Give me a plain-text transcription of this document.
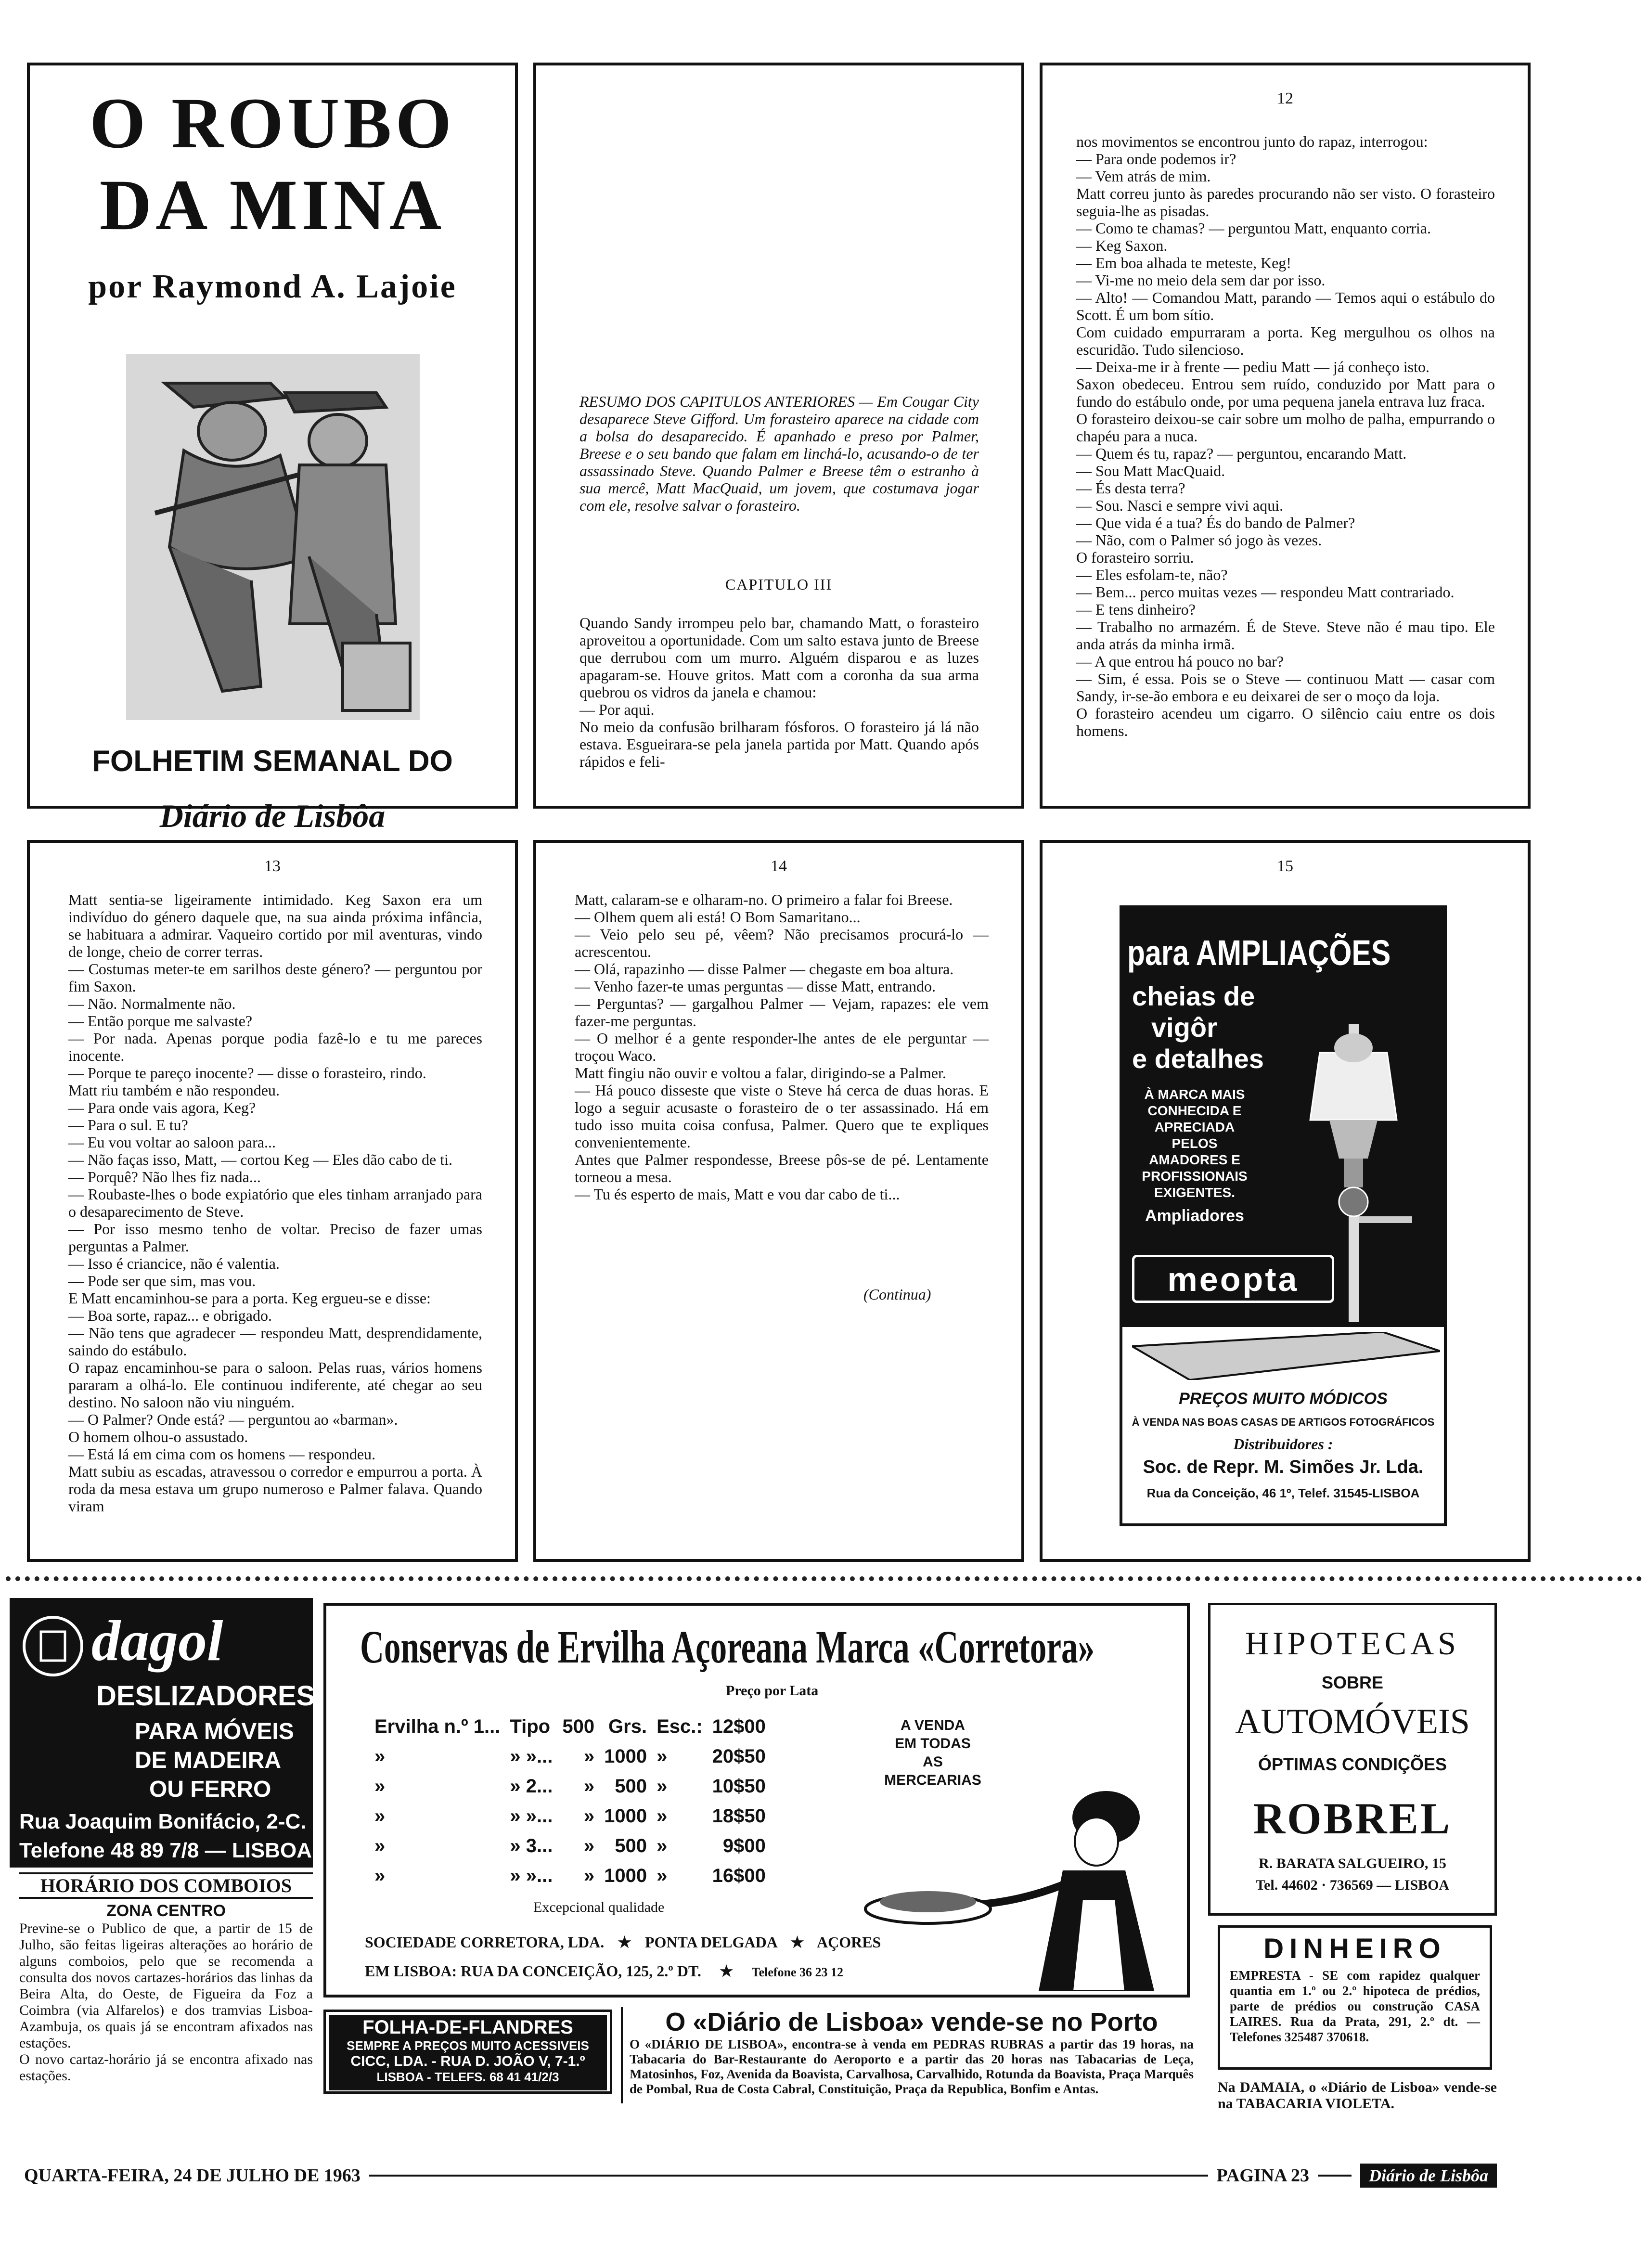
O ROUBO
DA MINA
por Raymond A. Lajoie
FOLHETIM SEMANAL DO
Diário de Lisbôa
RESUMO DOS CAPITULOS ANTERIORES — Em Cougar City desaparece Steve Gifford. Um forasteiro aparece na cidade com a bolsa do desaparecido. É apanhado e preso por Palmer, Breese e o seu bando que falam em linchá-lo, acusando-o de ter assassinado Steve. Quando Palmer e Breese têm o estranho à sua mercê, Matt MacQuaid, um jovem, que costumava jogar com ele, resolve salvar o forasteiro.
CAPITULO III
Quando Sandy irrompeu pelo bar, chamando Matt, o forasteiro aproveitou a oportunidade. Com um salto estava junto de Breese que derrubou com um murro. Alguém disparou e as luzes apagaram-se. Houve gritos. Matt com a coronha da sua arma quebrou os vidros da janela e chamou:
— Por aqui.
No meio da confusão brilharam fósforos. O forasteiro já lá não estava. Esgueirara-se pela janela partida por Matt. Quando após rápidos e feli-
12
nos movimentos se encontrou junto do rapaz, interrogou:
— Para onde podemos ir?
— Vem atrás de mim.
Matt correu junto às paredes procurando não ser visto. O forasteiro seguia-lhe as pisadas.
— Como te chamas? — perguntou Matt, enquanto corria.
— Keg Saxon.
— Em boa alhada te meteste, Keg!
— Vi-me no meio dela sem dar por isso.
— Alto! — Comandou Matt, parando — Temos aqui o estábulo do Scott. É um bom sítio.
Com cuidado empurraram a porta. Keg mergulhou os olhos na escuridão. Tudo silencioso.
— Deixa-me ir à frente — pediu Matt — já conheço isto.
Saxon obedeceu. Entrou sem ruído, conduzido por Matt para o fundo do estábulo onde, por uma pequena janela entrava luz fraca.
O forasteiro deixou-se cair sobre um molho de palha, empurrando o chapéu para a nuca.
— Quem és tu, rapaz? — perguntou, encarando Matt.
— Sou Matt MacQuaid.
— És desta terra?
— Sou. Nasci e sempre vivi aqui.
— Que vida é a tua? És do bando de Palmer?
— Não, com o Palmer só jogo às vezes.
O forasteiro sorriu.
— Eles esfolam-te, não?
— Bem... perco muitas vezes — respondeu Matt contrariado.
— E tens dinheiro?
— Trabalho no armazém. É de Steve. Steve não é mau tipo. Ele anda atrás da minha irmã.
— A que entrou há pouco no bar?
— Sim, é essa. Pois se o Steve — continuou Matt — casar com Sandy, ir-se-ão embora e eu deixarei de ser o moço da loja.
O forasteiro acendeu um cigarro. O silêncio caiu entre os dois homens.
13
Matt sentia-se ligeiramente intimidado. Keg Saxon era um indivíduo do género daquele que, na sua ainda próxima infância, se habituara a admirar. Vaqueiro cortido por mil aventuras, vindo de longe, cheio de correr terras.
— Costumas meter-te em sarilhos deste género? — perguntou por fim Saxon.
— Não. Normalmente não.
— Então porque me salvaste?
— Por nada. Apenas porque podia fazê-lo e tu me pareces inocente.
— Porque te pareço inocente? — disse o forasteiro, rindo.
Matt riu também e não respondeu.
— Para onde vais agora, Keg?
— Para o sul. E tu?
— Eu vou voltar ao saloon para...
— Não faças isso, Matt, — cortou Keg — Eles dão cabo de ti.
— Porquê? Não lhes fiz nada...
— Roubaste-lhes o bode expiatório que eles tinham arranjado para o desaparecimento de Steve.
— Por isso mesmo tenho de voltar. Preciso de fazer umas perguntas a Palmer.
— Isso é criancice, não é valentia.
— Pode ser que sim, mas vou.
E Matt encaminhou-se para a porta. Keg ergueu-se e disse:
— Boa sorte, rapaz... e obrigado.
— Não tens que agradecer — respondeu Matt, desprendidamente, saindo do estábulo.
O rapaz encaminhou-se para o saloon. Pelas ruas, vários homens pararam a olhá-lo. Ele continuou indiferente, até chegar ao seu destino. No saloon não viu ninguém.
— O Palmer? Onde está? — perguntou ao «barman».
O homem olhou-o assustado.
— Está lá em cima com os homens — respondeu.
Matt subiu as escadas, atravessou o corredor e empurrou a porta. À roda da mesa estava um grupo numeroso e Palmer falava. Quando viram
14
Matt, calaram-se e olharam-no. O primeiro a falar foi Breese.
— Olhem quem ali está! O Bom Samaritano...
— Veio pelo seu pé, vêem? Não precisamos procurá-lo — acrescentou.
— Olá, rapazinho — disse Palmer — chegaste em boa altura.
— Venho fazer-te umas perguntas — disse Matt, entrando.
— Perguntas? — gargalhou Palmer — Vejam, rapazes: ele vem fazer-me perguntas.
— O melhor é a gente responder-lhe antes de ele perguntar — troçou Waco.
Matt fingiu não ouvir e voltou a falar, dirigindo-se a Palmer.
— Há pouco disseste que viste o Steve há cerca de duas horas. E logo a seguir acusaste o forasteiro de o ter assassinado. Há em tudo isso muita coisa confusa, Palmer. Quero que te expliques convenientemente.
Antes que Palmer respondesse, Breese pôs-se de pé. Lentamente torneou a mesa.
— Tu és esperto de mais, Matt e vou dar cabo de ti...
(Continua)
15
para AMPLIAÇÕES
cheias de
vigôr
e detalhes
À MARCA MAIS
CONHECIDA E
APRECIADA
PELOS
AMADORES E
PROFISSIONAIS
EXIGENTES.
Ampliadores
meopta
PREÇOS MUITO MÓDICOS
À VENDA NAS BOAS CASAS DE ARTIGOS FOTOGRÁFICOS
Distribuidores :
Soc. de Repr. M. Simões Jr. Lda.
Rua da Conceição, 46 1º, Telef. 31545-LISBOA
dagol
DESLIZADORES
PARA MÓVEIS
DE MADEIRA
OU FERRO
Rua Joaquim Bonifácio, 2-C.
Telefone 48 89 7/8 — LISBOA
HORÁRIO DOS COMBOIOS
ZONA CENTRO
Previne-se o Publico de que, a partir de 15 de Julho, são feitas ligeiras alterações ao horário de alguns comboios, pelo que se recomenda a consulta dos novos cartazes-horários das linhas da Beira Alta, do Oeste, de Figueira da Foz a Coimbra (via Alfarelos) e dos tramvias Lisboa-Azambuja, os quais já se encontram afixados nas estações.
O novo cartaz-horário já se encontra afixado nas estações.
Conservas de Ervilha Açoreana Marca «Corretora»
Preço por Lata
Ervilha n.º 1...	Tipo	500	Grs.	Esc.:	12$00
»	» »...	»	1000	»	20$50
»	» 2...	»	500	»	10$50
»	» »...	»	1000	»	18$50
»	» 3...	»	500	»	9$00
»	» »...	»	1000	»	16$00
A VENDA
EM TODAS
AS MERCEARIAS
Excepcional qualidade
SOCIEDADE CORRETORA, LDA. ★ PONTA DELGADA ★ AÇORES
EM LISBOA: RUA DA CONCEIÇÃO, 125, 2.º DT. ★ Telefone 36 23 12
FOLHA-DE-FLANDRES
SEMPRE A PREÇOS MUITO ACESSIVEIS
CICC, LDA. - RUA D. JOÃO V, 7-1.º
LISBOA - TELEFS. 68 41 41/2/3
O «Diário de Lisboa» vende-se no Porto
O «DIÁRIO DE LISBOA», encontra-se à venda em PEDRAS RUBRAS a partir das 19 horas, na Tabacaria do Bar-Restaurante do Aeroporto e a partir das 20 horas nas Tabacarias de Leça, Matosinhos, Foz, Avenida da Boavista, Carvalhosa, Carvalhido, Rotunda da Boavista, Praça Marquês de Pombal, Rua de Costa Cabral, Constituição, Praça da Republica, Bonfim e Antas.
HIPOTECAS
SOBRE
AUTOMÓVEIS
ÓPTIMAS CONDIÇÕES
ROBREL
R. BARATA SALGUEIRO, 15
Tel. 44602 · 736569 — LISBOA
DINHEIRO
EMPRESTA - SE com rapidez qualquer quantia em 1.º ou 2.º hipoteca de prédios, parte de prédios ou construção CASA LAIRES. Rua da Prata, 291, 2.º dt. — Telefones 325487 370618.
Na DAMAIA, o «Diário de Lisboa» vende-se na TABACARIA VIOLETA.
QUARTA-FEIRA, 24 DE JULHO DE 1963	PAGINA 23	Diário de Lisbôa
